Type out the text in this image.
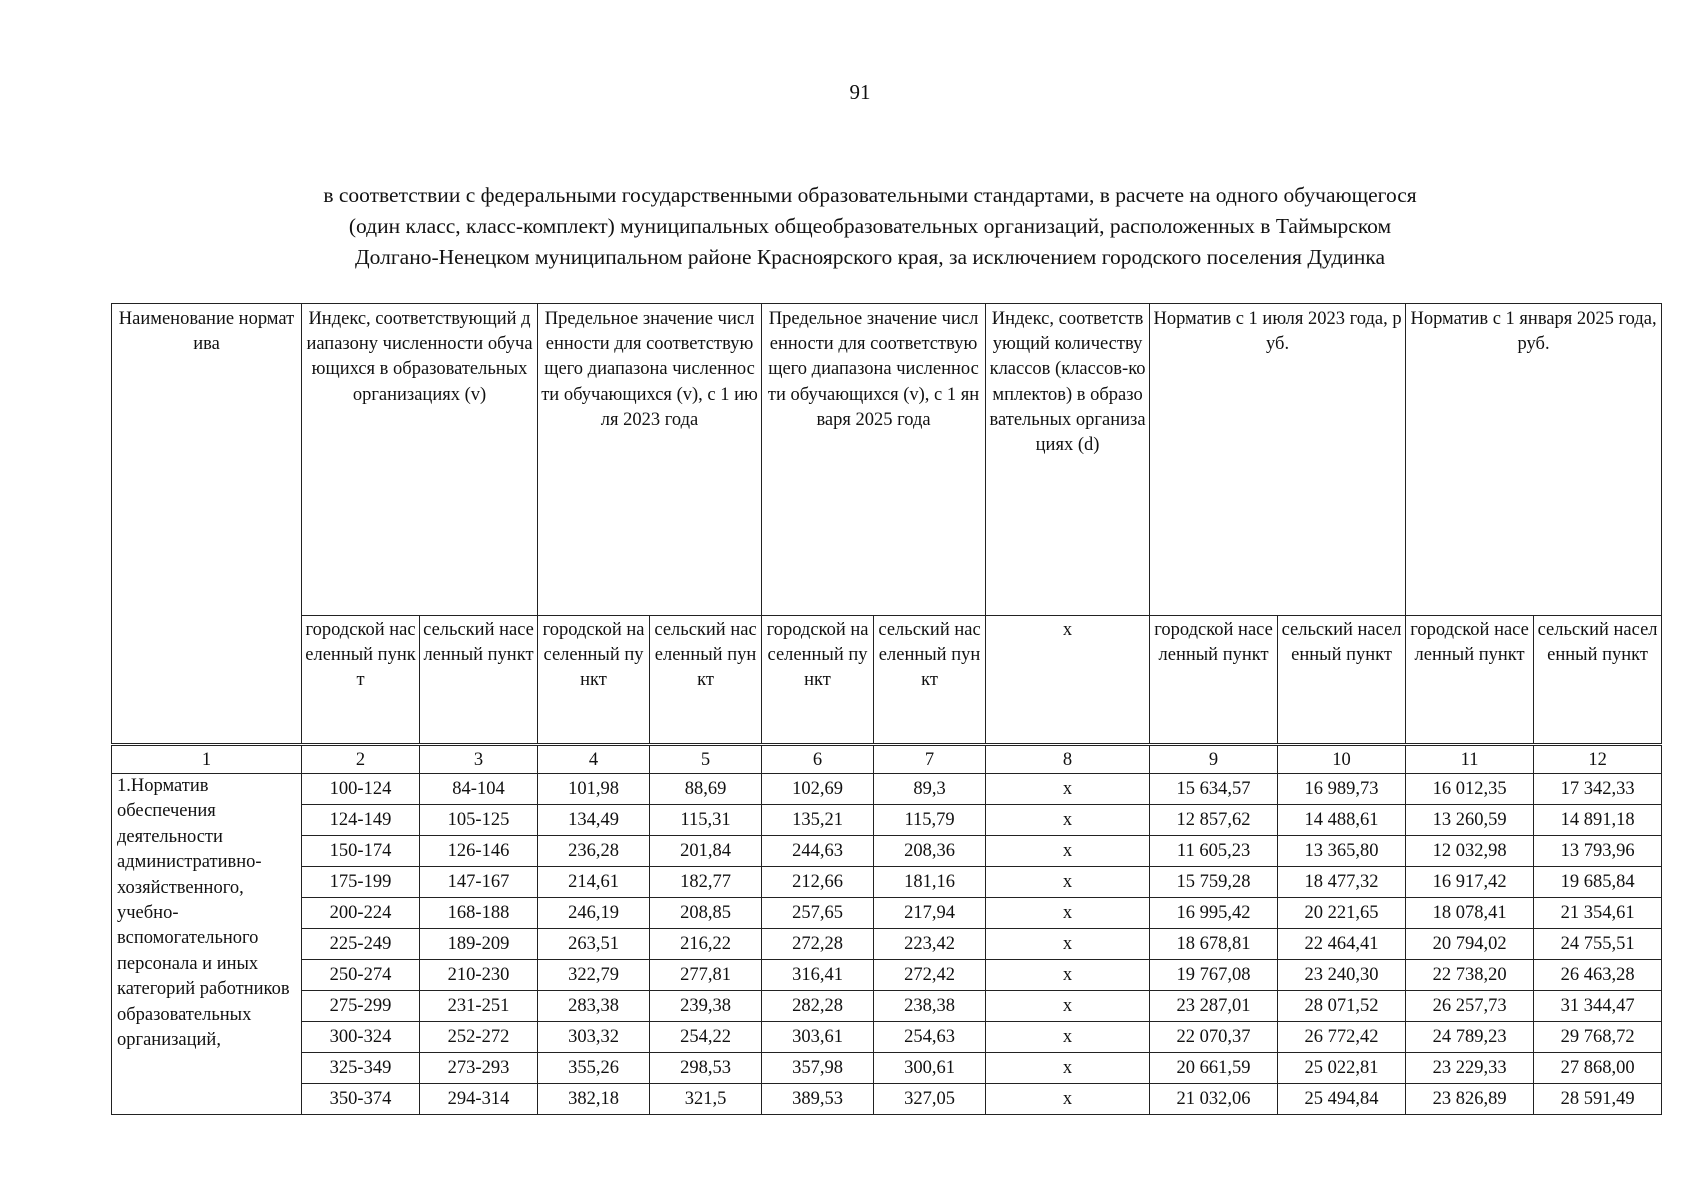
91
в соответствии с федеральными государственными образовательными стандартами, в расчете на одного обучающегося
(один класс, класс-комплект) муниципальных общеобразовательных организаций, расположенных в Таймырском
Долгано-Ненецком муниципальном районе Красноярского края, за исключением городского поселения Дудинка
Наименование норматива	Индекс, соответствующий диапазону численности обучающихся в образовательных организациях (v)		Предельное значение численности для соответствующего диапазона численности обучающихся (v), с 1 июля 2023 года		Предельное значение численности для соответствующего диапазона численности обучающихся (v), с 1 января 2025 года		Индекс, соответствующий количеству классов (классов-комплектов) в образовательных организациях (d)	Норматив с 1 июля 2023 года, руб.		Норматив с 1 января 2025 года, руб.	
	городской населенный пункт	сельский населенный пункт	городской населенный пункт	сельский населенный пункт	городской населенный пункт	сельский населенный пункт	x	городской населенный пункт	сельский населенный пункт	городской населенный пункт	сельский населенный пункт
1	2	3	4	5	6	7	8	9	10	11	12
1.Норматив обеспечения деятельности административно-хозяйственного, учебно-вспомогательного персонала и иных категорий работников образовательных организаций,	100-124	84-104	101,98	88,69	102,69	89,3	x	15 634,57	16 989,73	16 012,35	17 342,33
	124-149	105-125	134,49	115,31	135,21	115,79	x	12 857,62	14 488,61	13 260,59	14 891,18
	150-174	126-146	236,28	201,84	244,63	208,36	x	11 605,23	13 365,80	12 032,98	13 793,96
	175-199	147-167	214,61	182,77	212,66	181,16	x	15 759,28	18 477,32	16 917,42	19 685,84
	200-224	168-188	246,19	208,85	257,65	217,94	x	16 995,42	20 221,65	18 078,41	21 354,61
	225-249	189-209	263,51	216,22	272,28	223,42	x	18 678,81	22 464,41	20 794,02	24 755,51
	250-274	210-230	322,79	277,81	316,41	272,42	x	19 767,08	23 240,30	22 738,20	26 463,28
	275-299	231-251	283,38	239,38	282,28	238,38	x	23 287,01	28 071,52	26 257,73	31 344,47
	300-324	252-272	303,32	254,22	303,61	254,63	x	22 070,37	26 772,42	24 789,23	29 768,72
	325-349	273-293	355,26	298,53	357,98	300,61	x	20 661,59	25 022,81	23 229,33	27 868,00
	350-374	294-314	382,18	321,5	389,53	327,05	x	21 032,06	25 494,84	23 826,89	28 591,49
